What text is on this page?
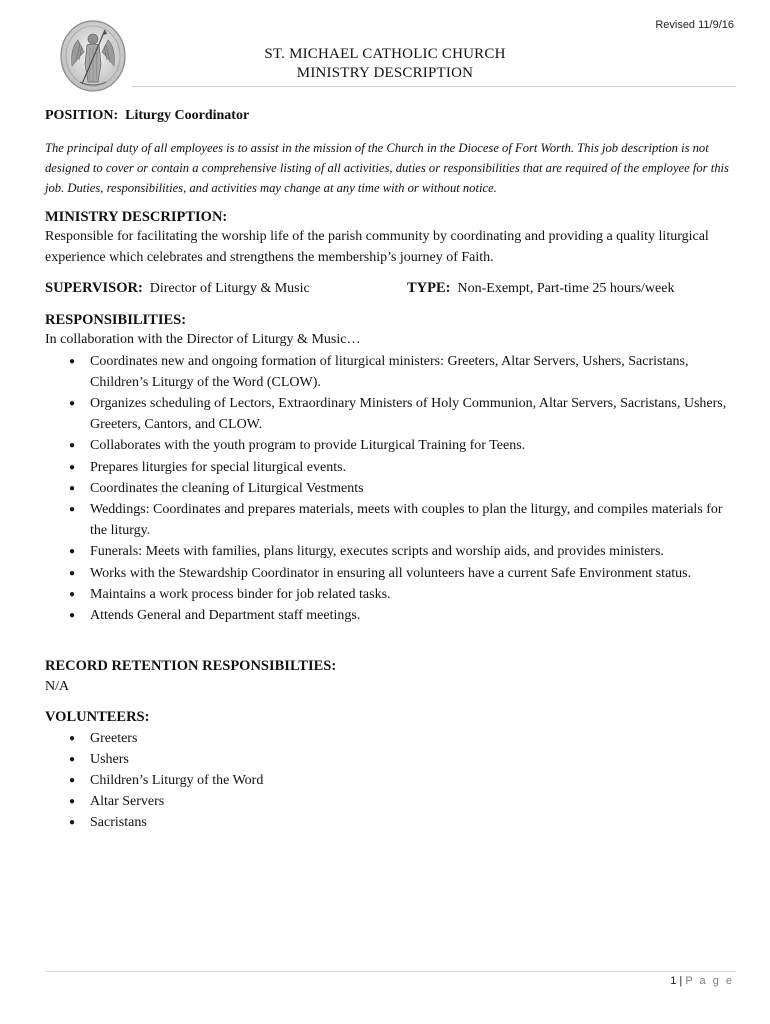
Revised 11/9/16
ST. MICHAEL CATHOLIC CHURCH
MINISTRY DESCRIPTION

POSITION: Liturgy Coordinator

The principal duty of all employees is to assist in the mission of the Church in the Diocese of Fort Worth. This job description is not designed to cover or contain a comprehensive listing of all activities, duties or responsibilities that are required of the employee for this job. Duties, responsibilities, and activities may change at any time with or without notice.

MINISTRY DESCRIPTION:

Responsible for facilitating the worship life of the parish community by coordinating and providing a quality liturgical experience which celebrates and strengthens the membership’s journey of Faith.

SUPERVISOR: Director of Liturgy & Music	TYPE: Non-Exempt, Part-time 25 hours/week

RESPONSIBILITIES:

In collaboration with the Director of Liturgy & Music…

● Coordinates new and ongoing formation of liturgical ministers: Greeters, Altar Servers, Ushers, Sacristans, Children’s Liturgy of the Word (CLOW).
● Organizes scheduling of Lectors, Extraordinary Ministers of Holy Communion, Altar Servers, Sacristans, Ushers, Greeters, Cantors, and CLOW.
● Collaborates with the youth program to provide Liturgical Training for Teens.
● Prepares liturgies for special liturgical events.
● Coordinates the cleaning of Liturgical Vestments
● Weddings: Coordinates and prepares materials, meets with couples to plan the liturgy, and compiles materials for the liturgy.
● Funerals: Meets with families, plans liturgy, executes scripts and worship aids, and provides ministers.
● Works with the Stewardship Coordinator in ensuring all volunteers have a current Safe Environment status.
● Maintains a work process binder for job related tasks.
● Attends General and Department staff meetings.

RECORD RETENTION RESPONSIBILTIES:

N/A

VOLUNTEERS:

● Greeters
● Ushers
● Children’s Liturgy of the Word
● Altar Servers
● Sacristans
1 | P a g e
